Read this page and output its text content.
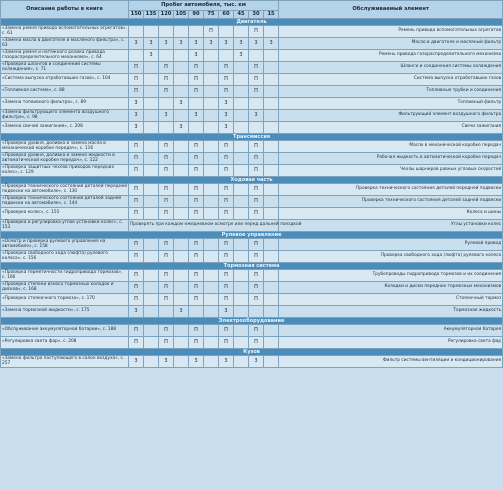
Описание работы в книге	Пробег автомобиля, тыс. км										Обслуживаемый элемент
	150	135	120	105	90	75	60	45	30	15	
Двигатель											
«Замена ремня привода вспомогательных агрегатов», с. 61						П			П		Ремень привода вспомогательных агрегатов
«Замена масла в двигателе и масляного фильтра», с. 63	3	3	3	3	3	3	3	3	3	3	Масло в двигателе и масляный фильтр
«Замена ремня и натяжного ролика привода газораспределительного механизма», с. 64		3			3			3			Ремень привода газораспределительного механизма
«Проверка шлангов и соединений системы охлаждения», с. 71	П		П		П		П		П		Шланги и соединения системы охлаждения
«Система выпуска отработавших газов», с. 104	П		П		П		П		П		Система выпуска отработавших газов
«Топливная система», с. 88	П		П		П		П		П		Топливные трубки и соединения
«Замена топливного фильтра», с. 89	3			3			3				Топливный фильтр
«Замена фильтрующего элемента воздушного фильтра», с. 98	3		3		3		3		3		Фильтрующий элемент воздушного фильтра
«Замена свечей зажигания», с. 208	3			3			3				Свечи зажигания
Трансмиссия											
«Проверка уровня, доливка и замена масла в механической коробке передач», с. 116	П		П		П		П		П		Масло в механической коробке передач
«Проверка уровня, доливка и замена жидкости в автоматической коробке передач», с. 122	П		П		П		П		П		Рабочая жидкость в автоматической коробке передач
«Проверка защитных чехлов приводов передних колес», с. 129	П		П		П		П		П		Чехлы шарниров равных угловых скоростей
Ходовая часть											
«Проверка технического состояния деталей передней подвески на автомобиле», с. 130	П		П		П		П		П		Проверка технического состояния деталей передней подвески
«Проверка технического состояния деталей задней подвески на автомобиле», с. 144	П		П		П		П		П		Проверка технического состояния деталей задней подвески
«Проверка колес», с. 155	П		П		П		П		П		Колеса и шины
«Проверка и регулировка углов установки колес», с. 153	Проверять при каждом ежедневном осмотре или перед дальней поездкой										Углы установки колес
Рулевое управление											
«Осмотр и проверка рулевого управления на автомобиле», с. 158	П		П		П		П		П		Рулевой привод
«Проверка свободного хода (люфта) рулевого колеса», с. 156	П		П		П		П		П		Проверка свободного хода (люфта) рулевого колеса
Тормозная система											
«Проверка герметичности гидропривода тормозов», с. 166	П		П		П		П		П		Трубопроводы гидропривода тормозов и их соединения
«Проверка степени износа тормозных колодок и дисков», с. 168	П		П		П		П		П		Колодки и диски передних тормозных механизмов
«Проверка стояночного тормоза», с. 170	П		П		П		П		П		Стояночный тормоз
«Замена тормозной жидкости», с. 175	3			3			3				Тормозная жидкость
Электрооборудование											
«Обслуживание аккумуляторной батареи», с. 188	П		П		П		П		П		Аккумуляторная батарея
«Регулировка света фар», с. 208	П		П		П		П		П		Регулировка света фар
Кузов											
«Замена фильтра поступающего в салон воздуха», с. 257	3		3		3		3		3		Фильтр системы вентиляции и кондиционирования
